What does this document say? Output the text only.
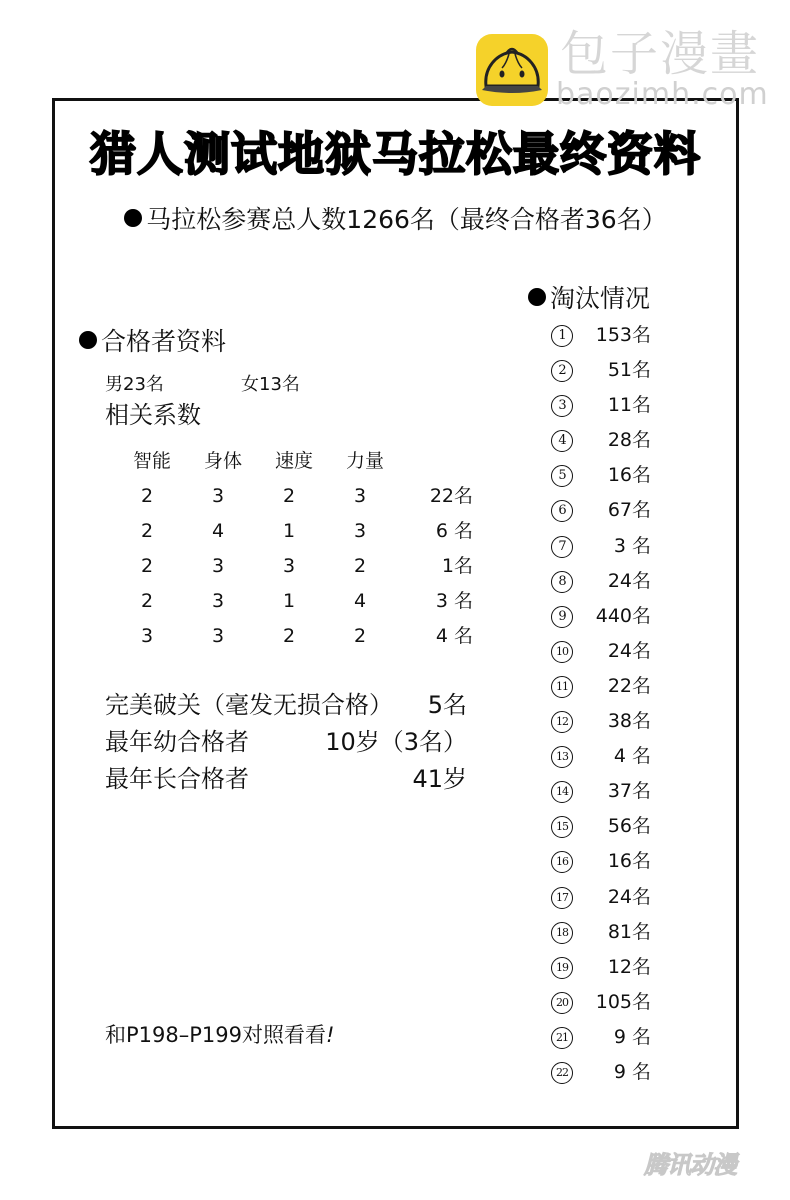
包子漫畫
baozimh.com
猎人测试地狱马拉松最终资料
马拉松参赛总人数1266名（最终合格者36名）
合格者资料
男23名	女13名
相关系数
智能 身体 速度 力量
2	3	2	3	22名
2	4	1	3	6 名
2	3	3	2	1名
2	3	1	4	3 名
3	3	2	2	4 名
完美破关（毫发无损合格） 5名
最年幼合格者	10岁（3名）
最年长合格者	41岁
和P198–P199对照看看!
淘汰情况
1	153名
2	51名
3	11名
4	28名
5	16名
6	67名
7	3 名
8	24名
9	440名
10 24名
11 22名
12 38名
13 4 名
14 37名
15 56名
16 16名
17 24名
18 81名
19 12名
20 105名
21 9 名
22 9 名
腾讯动漫
